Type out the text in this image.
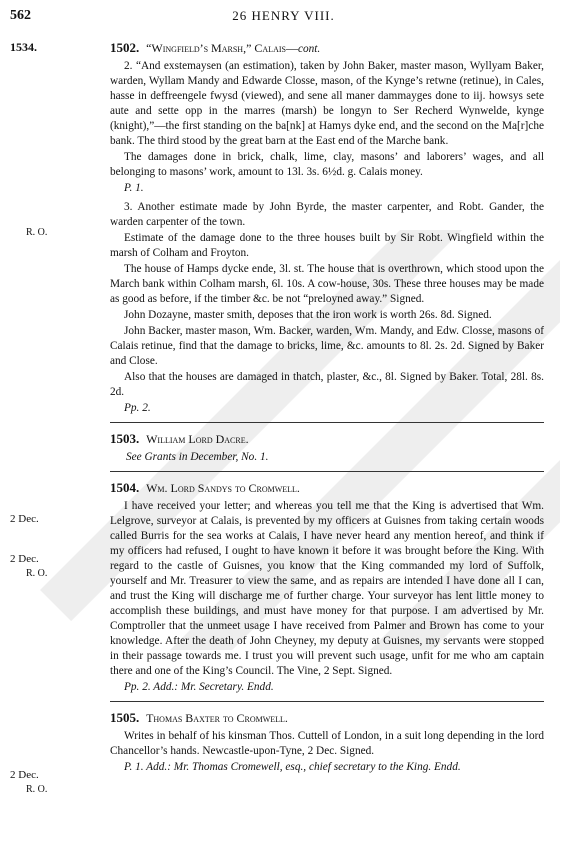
562	26 HENRY VIII.
1534.
R. O.
2 Dec.
2 Dec.
R. O.
2 Dec.
R. O.
1502. “Wingfield’s Marsh,” Calais—cont.

2. “And exstemaysen (an estimation), taken by John Baker, master mason, Wyllyam Baker, warden, Wyllam Mandy and Edwarde Closse, mason, of the Kynge’s retwne (retinue), in Cales, hasse in deffreengele fwysd (viewed), and sene all maner dammayges done to iij. howsys sete aute and sette opp in the marres (marsh) be longyn to Ser Recherd Wynwelde, kynge (knight),”—the first standing on the ba[nk] at Hamys dyke end, and the second on the Ma[r]che bank. The third stood by the great barn at the East end of the Marche bank.

The damages done in brick, chalk, lime, clay, masons’ and laborers’ wages, and all belonging to masons’ work, amount to 13l. 3s. 6½d. g. Calais money.

P. 1.

3. Another estimate made by John Byrde, the master carpenter, and Robt. Gander, the warden carpenter of the town.

Estimate of the damage done to the three houses built by Sir Robt. Wingfield within the marsh of Colham and Froyton.

The house of Hamps dycke ende, 3l. st. The house that is overthrown, which stood upon the March bank within Colham marsh, 6l. 10s. A cow-house, 30s. These three houses may be made as good as before, if the timber &c. be not “preloyned away.” Signed.

John Dozayne, master smith, deposes that the iron work is worth 26s. 8d. Signed.

John Backer, master mason, Wm. Backer, warden, Wm. Mandy, and Edw. Closse, masons of Calais retinue, find that the damage to bricks, lime, &c. amounts to 8l. 2s. 2d. Signed by Baker and Close.

Also that the houses are damaged in thatch, plaster, &c., 8l. Signed by Baker. Total, 28l. 8s. 2d.

Pp. 2.

1503. William Lord Dacre.
See Grants in December, No. 1.
1504. Wm. Lord Sandys to Cromwell.

I have received your letter; and whereas you tell me that the King is advertised that Wm. Lelgrove, surveyor at Calais, is prevented by my officers at Guisnes from taking certain woods called Burris for the sea works at Calais, I have never heard any mention hereof, and think if my officers had refused, I ought to have known it before it was brought before the King. With regard to the castle of Guisnes, you know that the King commanded my lord of Suffolk, yourself and Mr. Treasurer to view the same, and as repairs are intended I have done all I can, and trust the King will discharge me of further charge. Your surveyor has lent little money to accomplish these buildings, and must have money for that purpose. I am advertised by Mr. Comptroller that the unmeet usage I have received from Palmer and Brown has come to your knowledge. After the death of John Cheyney, my deputy at Guisnes, my servants were stopped in their passage towards me. I trust you will prevent such usage, unfit for me who am captain there and one of the King’s Council. The Vine, 2 Sept. Signed.

Pp. 2. Add.: Mr. Secretary. Endd.

1505. Thomas Baxter to Cromwell.

Writes in behalf of his kinsman Thos. Cuttell of London, in a suit long depending in the lord Chancellor’s hands. Newcastle-upon-Tyne, 2 Dec. Signed.

P. 1. Add.: Mr. Thomas Cromewell, esq., chief secretary to the King. Endd.
